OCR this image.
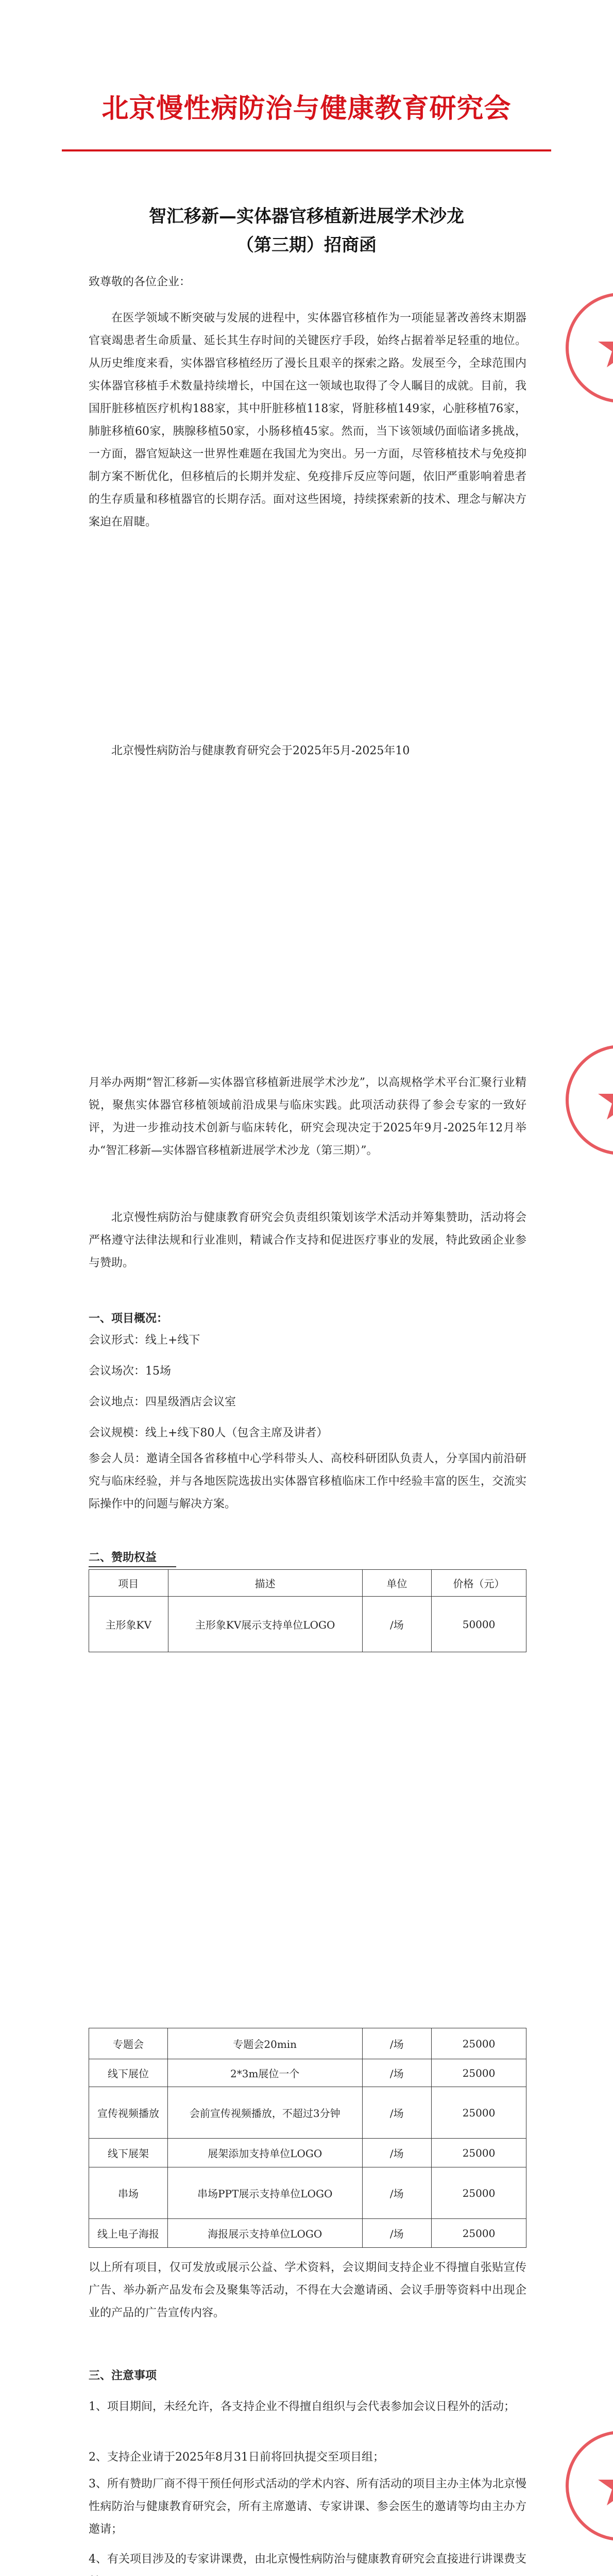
北京慢性病防治与健康教育研究会
智汇移新—实体器官移植新进展学术沙龙
（第三期）招商函
致尊敬的各位企业：

在医学领域不断突破与发展的进程中，实体器官移植作为一项能显著改善终末期器官衰竭患者生命质量、延长其生存时间的关键医疗手段，始终占据着举足轻重的地位。从历史维度来看，实体器官移植经历了漫长且艰辛的探索之路。发展至今，全球范围内实体器官移植手术数量持续增长，中国在这一领域也取得了令人瞩目的成就。目前，我国肝脏移植医疗机构188家，其中肝脏移植118家，肾脏移植149家，心脏移植76家，肺脏移植60家，胰腺移植50家，小肠移植45家。然而，当下该领域仍面临诸多挑战，一方面，器官短缺这一世界性难题在我国尤为突出。另一方面，尽管移植技术与免疫抑制方案不断优化，但移植后的长期并发症、免疫排斥反应等问题，依旧严重影响着患者的生存质量和移植器官的长期存活。面对这些困境，持续探索新的技术、理念与解决方案迫在眉睫。

北京慢性病防治与健康教育研究会于2025年5月-2025年10

月举办两期“智汇移新—实体器官移植新进展学术沙龙”，以高规格学术平台汇聚行业精锐，聚焦实体器官移植领域前沿成果与临床实践。此项活动获得了参会专家的一致好评，为进一步推动技术创新与临床转化，研究会现决定于2025年9月-2025年12月举办“智汇移新—实体器官移植新进展学术沙龙（第三期）”。

北京慢性病防治与健康教育研究会负责组织策划该学术活动并筹集赞助，活动将会严格遵守法律法规和行业准则，精诚合作支持和促进医疗事业的发展，特此致函企业参与赞助。

一、项目概况：
会议形式：线上+线下
会议场次：15场
会议地点：四星级酒店会议室
会议规模：线上+线下80人（包含主席及讲者）

参会人员：邀请全国各省移植中心学科带头人、高校科研团队负责人，分享国内前沿研究与临床经验，并与各地医院选拔出实体器官移植临床工作中经验丰富的医生，交流实际操作中的问题与解决方案。

二、赞助权益
项目	描述	单位	价格（元）
主形象KV	主形象KV展示支持单位LOGO	/场	50000
专题会	专题会20min	/场	25000
线下展位	2*3m展位一个	/场	25000
宣传视频播放	会前宣传视频播放，不超过3分钟	/场	25000
线下展架	展架添加支持单位LOGO	/场	25000
串场	串场PPT展示支持单位LOGO	/场	25000
线上电子海报	海报展示支持单位LOGO	/场	25000

以上所有项目，仅可发放或展示公益、学术资料，会议期间支持企业不得擅自张贴宣传广告、举办新产品发布会及聚集等活动，不得在大会邀请函、会议手册等资料中出现企业的产品的广告宣传内容。

三、注意事项

1、项目期间，未经允许，各支持企业不得擅自组织与会代表参加会议日程外的活动；

2、支持企业请于2025年8月31日前将回执提交至项目组；

3、所有赞助厂商不得干预任何形式活动的学术内容、所有活动的项目主办主体为北京慢性病防治与健康教育研究会，所有主席邀请、专家讲课、参会医生的邀请等均由主办方邀请；

4、有关项目涉及的专家讲课费，由北京慢性病防治与健康教育研究会直接进行讲课费支
